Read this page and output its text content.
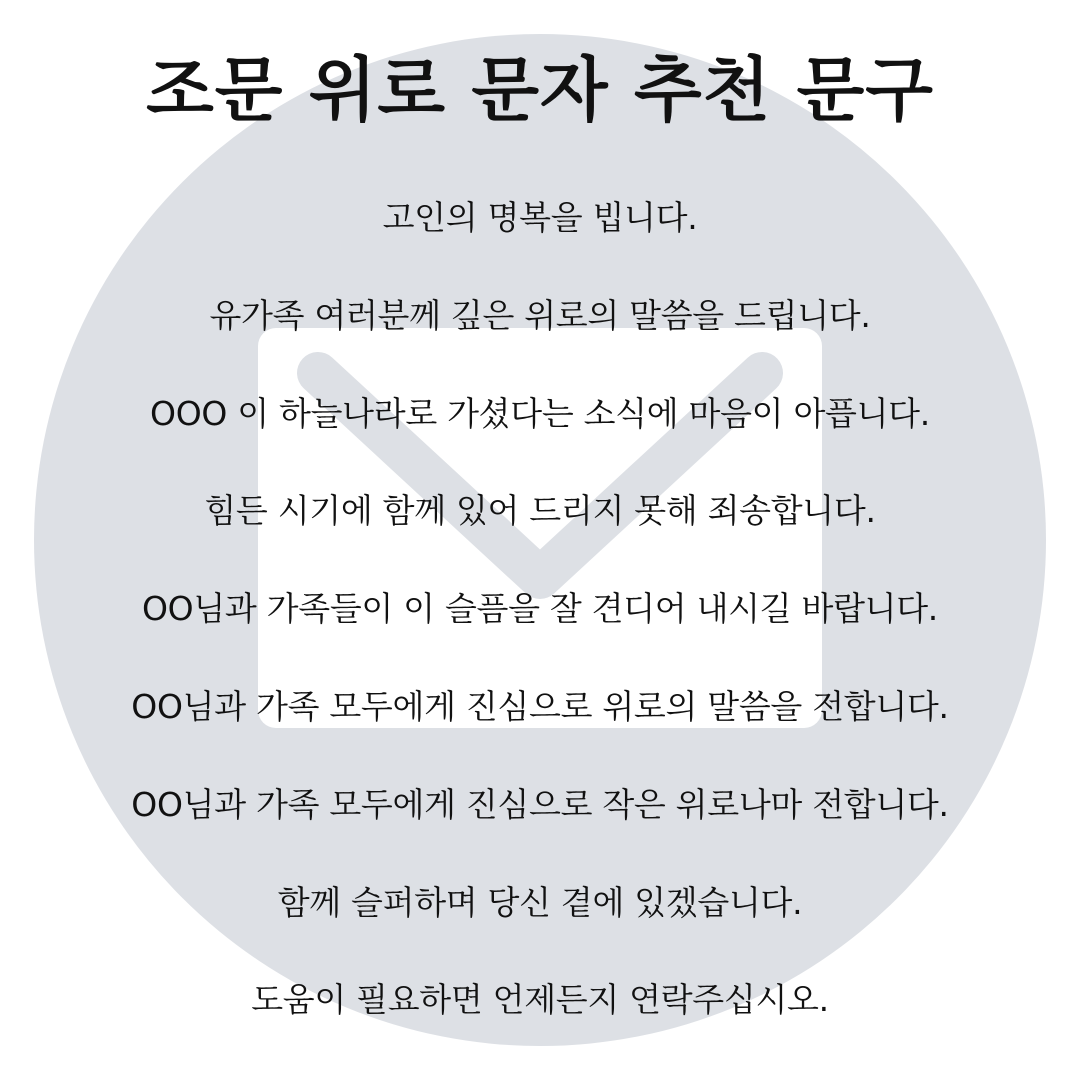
조문 위로 문자 추천 문구
고인의 명복을 빕니다.
유가족 여러분께 깊은 위로의 말씀을 드립니다.
OOO 이 하늘나라로 가셨다는 소식에 마음이 아픕니다.
힘든 시기에 함께 있어 드리지 못해 죄송합니다.
OO님과 가족들이 이 슬픔을 잘 견디어 내시길 바랍니다.
OO님과 가족 모두에게 진심으로 위로의 말씀을 전합니다.
OO님과 가족 모두에게 진심으로 작은 위로나마 전합니다.
함께 슬퍼하며 당신 곁에 있겠습니다.
도움이 필요하면 언제든지 연락주십시오.
